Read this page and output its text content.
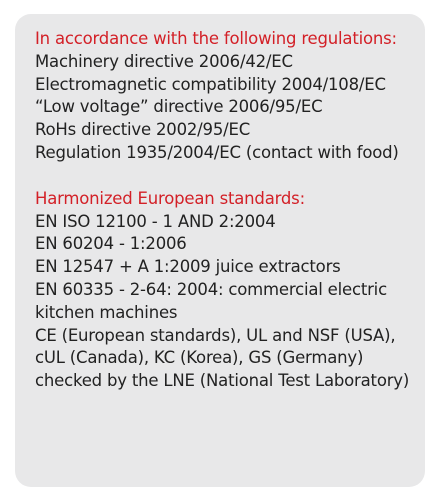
In accordance with the following regulations:

Machinery directive 2006/42/EC

Electromagnetic compatibility 2004/108/EC

“Low voltage” directive 2006/95/EC

RoHs directive 2002/95/EC

Regulation 1935/2004/EC (contact with food)

Harmonized European standards:

EN ISO 12100 - 1 AND 2:2004

EN 60204 - 1:2006

EN 12547 + A 1:2009 juice extractors

EN 60335 - 2-64: 2004: commercial electric kitchen machines

CE (European standards), UL and NSF (USA), cUL (Canada), KC (Korea), GS (Germany) checked by the LNE (National Test Laboratory)
